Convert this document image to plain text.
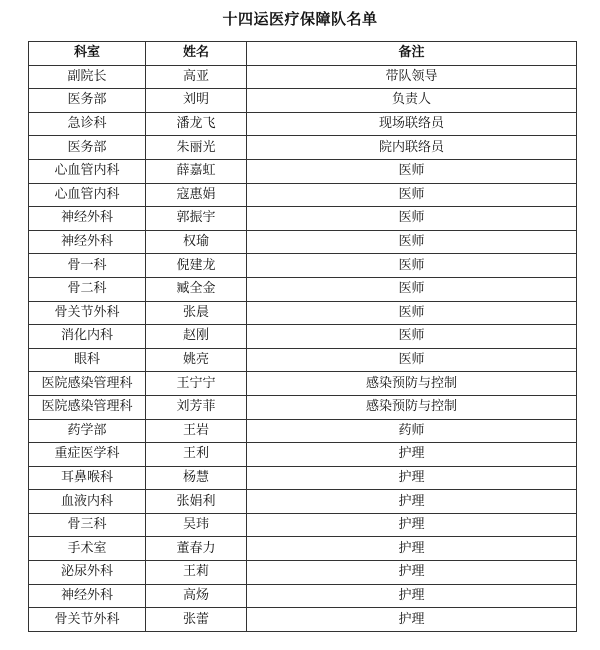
十四运医疗保障队名单
科室	姓名	备注
副院长	高亚	带队领导
医务部	刘明	负责人
急诊科	潘龙飞	现场联络员
医务部	朱丽光	院内联络员
心血管内科	薛嘉虹	医师
心血管内科	寇惠娟	医师
神经外科	郭振宇	医师
神经外科	权瑜	医师
骨一科	倪建龙	医师
骨二科	臧全金	医师
骨关节外科	张晨	医师
消化内科	赵刚	医师
眼科	姚亮	医师
医院感染管理科	王宁宁	感染预防与控制
医院感染管理科	刘芳菲	感染预防与控制
药学部	王岩	药师
重症医学科	王利	护理
耳鼻喉科	杨慧	护理
血液内科	张娟利	护理
骨三科	吴玮	护理
手术室	董春力	护理
泌尿外科	王莉	护理
神经外科	高炀	护理
骨关节外科	张蕾	护理
